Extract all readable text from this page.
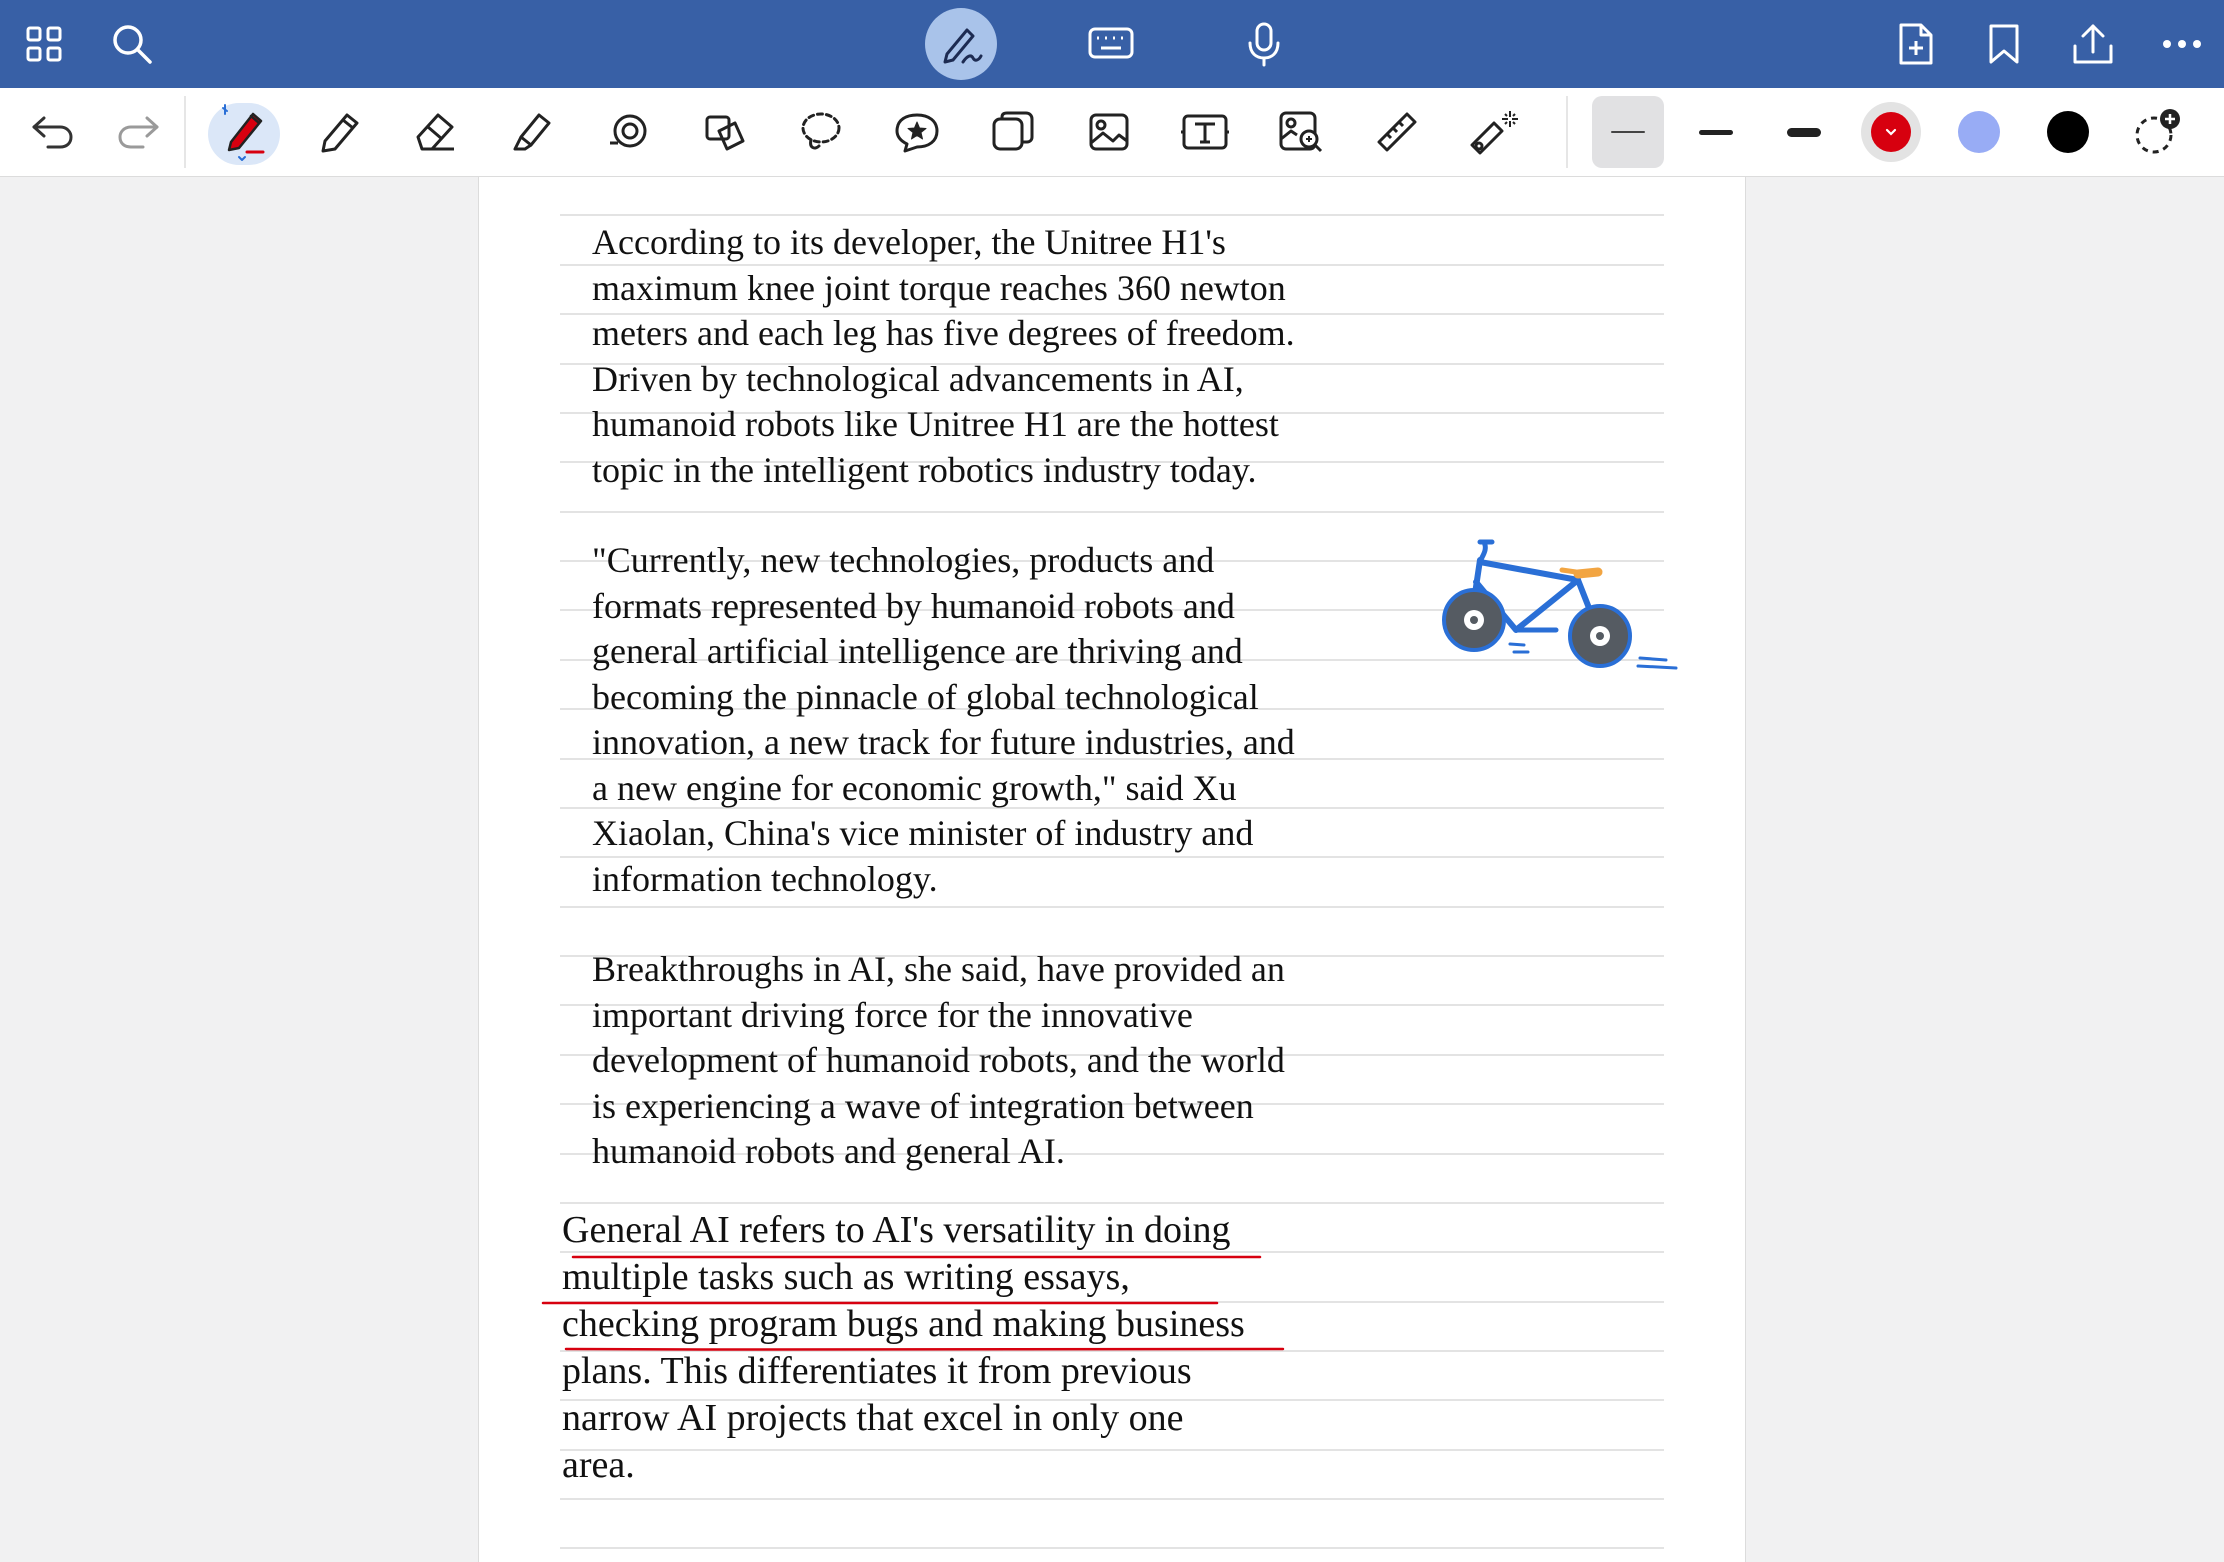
According to its developer, the Unitree H1's
maximum knee joint torque reaches 360 newton
meters and each leg has five degrees of freedom.
Driven by technological advancements in AI,
humanoid robots like Unitree H1 are the hottest
topic in the intelligent robotics industry today.
"Currently, new technologies, products and
formats represented by humanoid robots and
general artificial intelligence are thriving and
becoming the pinnacle of global technological
innovation, a new track for future industries, and
a new engine for economic growth," said Xu
Xiaolan, China's vice minister of industry and
information technology.
Breakthroughs in AI, she said, have provided an
important driving force for the innovative
development of humanoid robots, and the world
is experiencing a wave of integration between
humanoid robots and general AI.
General AI refers to AI's versatility in doing
multiple tasks such as writing essays,
checking program bugs and making business
plans. This differentiates it from previous
narrow AI projects that excel in only one
area.
